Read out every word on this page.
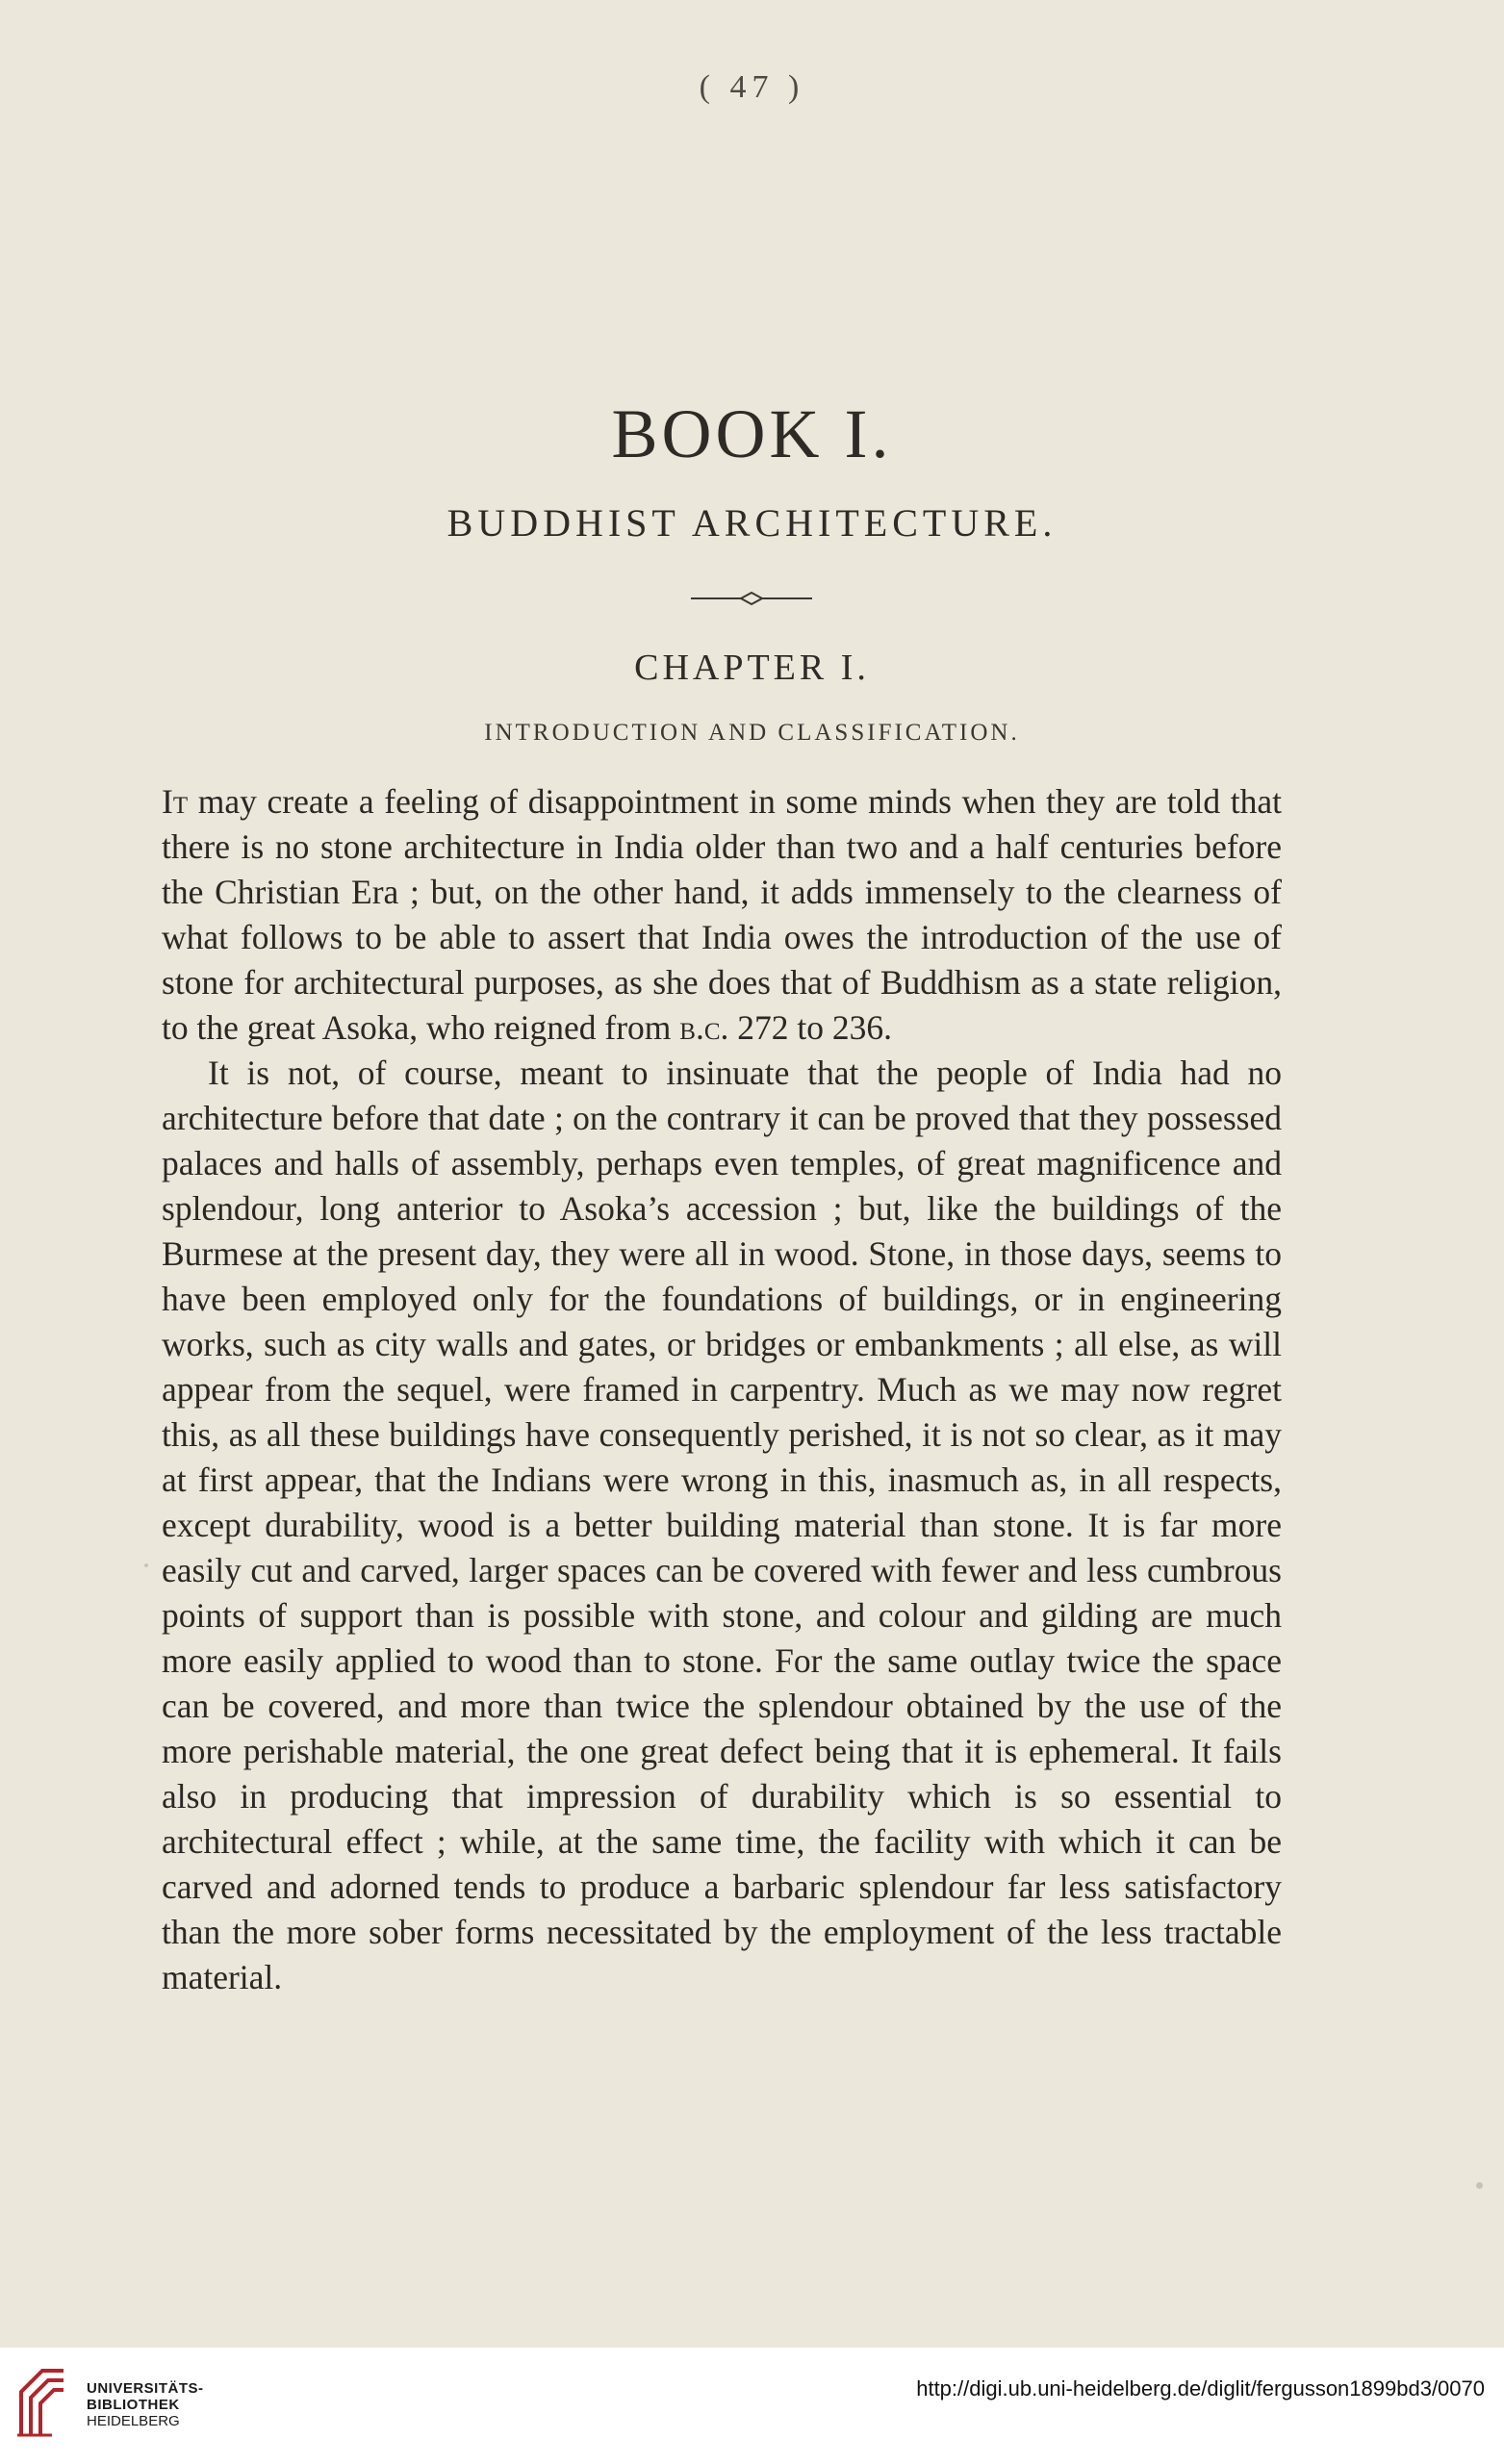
( 47 )
BOOK I.
BUDDHIST ARCHITECTURE.
CHAPTER I.
INTRODUCTION AND CLASSIFICATION.

It may create a feeling of disappointment in some minds when they are told that there is no stone architecture in India older than two and a half centuries before the Christian Era ; but, on the other hand, it adds immensely to the clearness of what follows to be able to assert that India owes the introduction of the use of stone for architectural purposes, as she does that of Buddhism as a state religion, to the great Asoka, who reigned from b.c. 272 to 236.

It is not, of course, meant to insinuate that the people of India had no architecture before that date ; on the contrary it can be proved that they possessed palaces and halls of assembly, perhaps even temples, of great magnificence and splendour, long anterior to Asoka’s accession ; but, like the buildings of the Burmese at the present day, they were all in wood. Stone, in those days, seems to have been employed only for the foundations of buildings, or in engineering works, such as city walls and gates, or bridges or embankments ; all else, as will appear from the sequel, were framed in carpentry. Much as we may now regret this, as all these buildings have consequently perished, it is not so clear, as it may at first appear, that the Indians were wrong in this, inasmuch as, in all respects, except durability, wood is a better building material than stone. It is far more easily cut and carved, larger spaces can be covered with fewer and less cumbrous points of support than is possible with stone, and colour and gilding are much more easily applied to wood than to stone. For the same outlay twice the space can be covered, and more than twice the splendour obtained by the use of the more perishable material, the one great defect being that it is ephemeral. It fails also in producing that impression of durability which is so essential to architectural effect ; while, at the same time, the facility with which it can be carved and adorned tends to produce a barbaric splendour far less satisfactory than the more sober forms necessitated by the employment of the less tractable material.

UNIVERSITÄTS-
BIBLIOTHEK
HEIDELBERG
http://digi.ub.uni-heidelberg.de/diglit/fergusson1899bd3/0070
